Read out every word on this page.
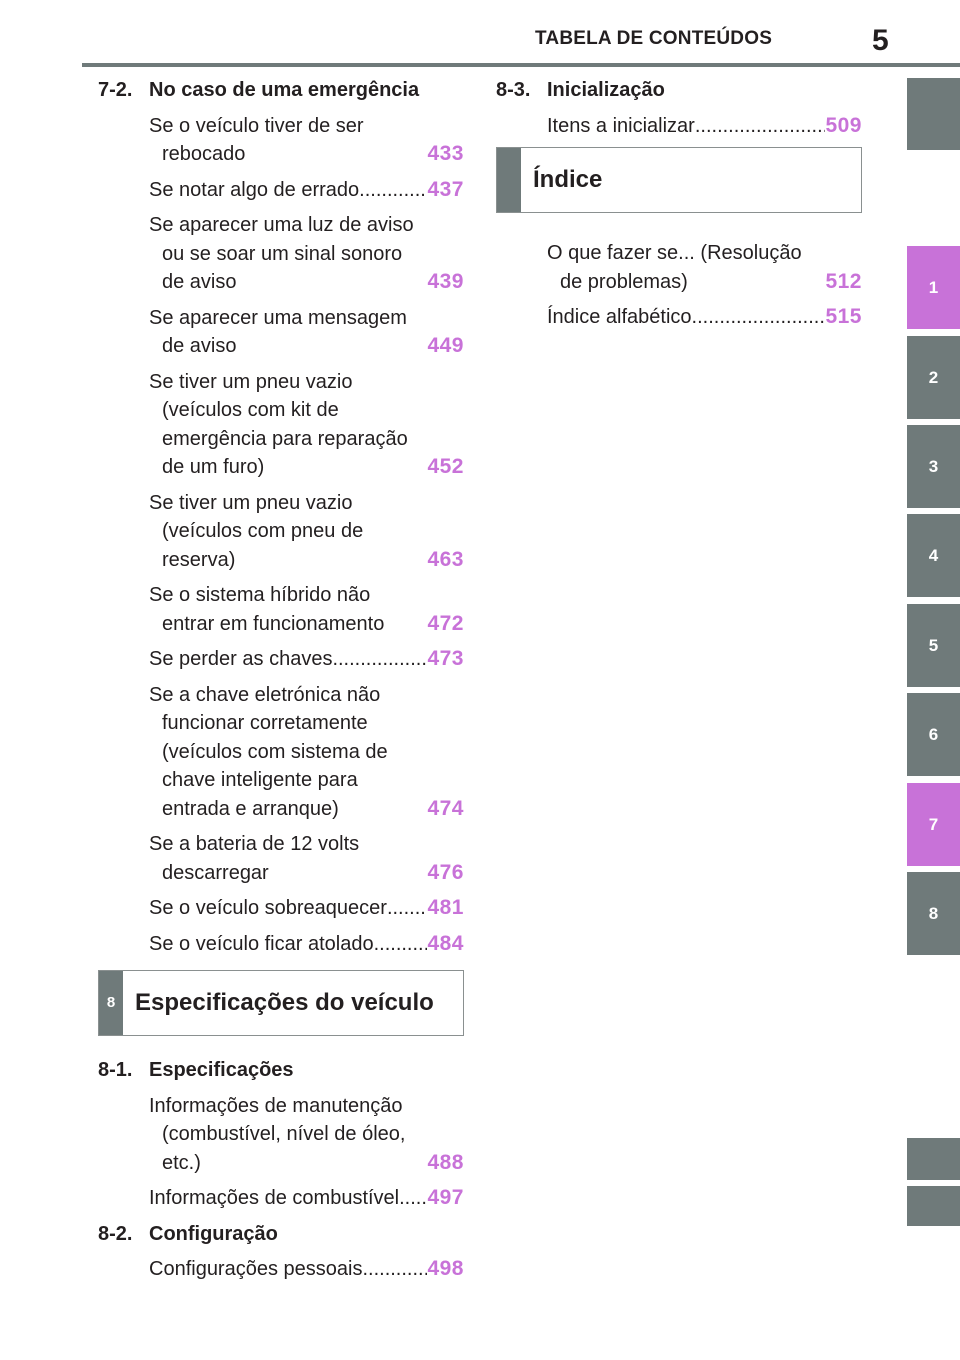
TABELA DE CONTEÚDOS	5
1
2
3
4
5
6
7
8
7-2. No caso de uma emergência
Se o veículo tiver de ser rebocado	433
Se notar algo de errado .....	437
Se aparecer uma luz de aviso ou se soar um sinal sonoro de aviso	439
Se aparecer uma mensagem de aviso	449
Se tiver um pneu vazio (veículos com kit de emergência para reparação de um furo)	452
Se tiver um pneu vazio (veículos com pneu de reserva)	463
Se o sistema híbrido não entrar em funcionamento	472
Se perder as chaves .....	473
Se a chave eletrónica não funcionar corretamente (veículos com sistema de chave inteligente para entrada e arranque)	474
Se a bateria de 12 volts descarregar	476
Se o veículo sobreaquecer ..... 481
Se o veículo ficar atolado .....	484
8 Especificações do veículo
8-1. Especificações
Informações de manutenção (combustível, nível de óleo, etc.)	488
Informações de combustível ..... 497
8-2. Configuração
Configurações pessoais .....	498
8-3. Inicialização
Itens a inicializar .....	509
Índice
O que fazer se... (Resolução de problemas)	512
Índice alfabético .....	515
